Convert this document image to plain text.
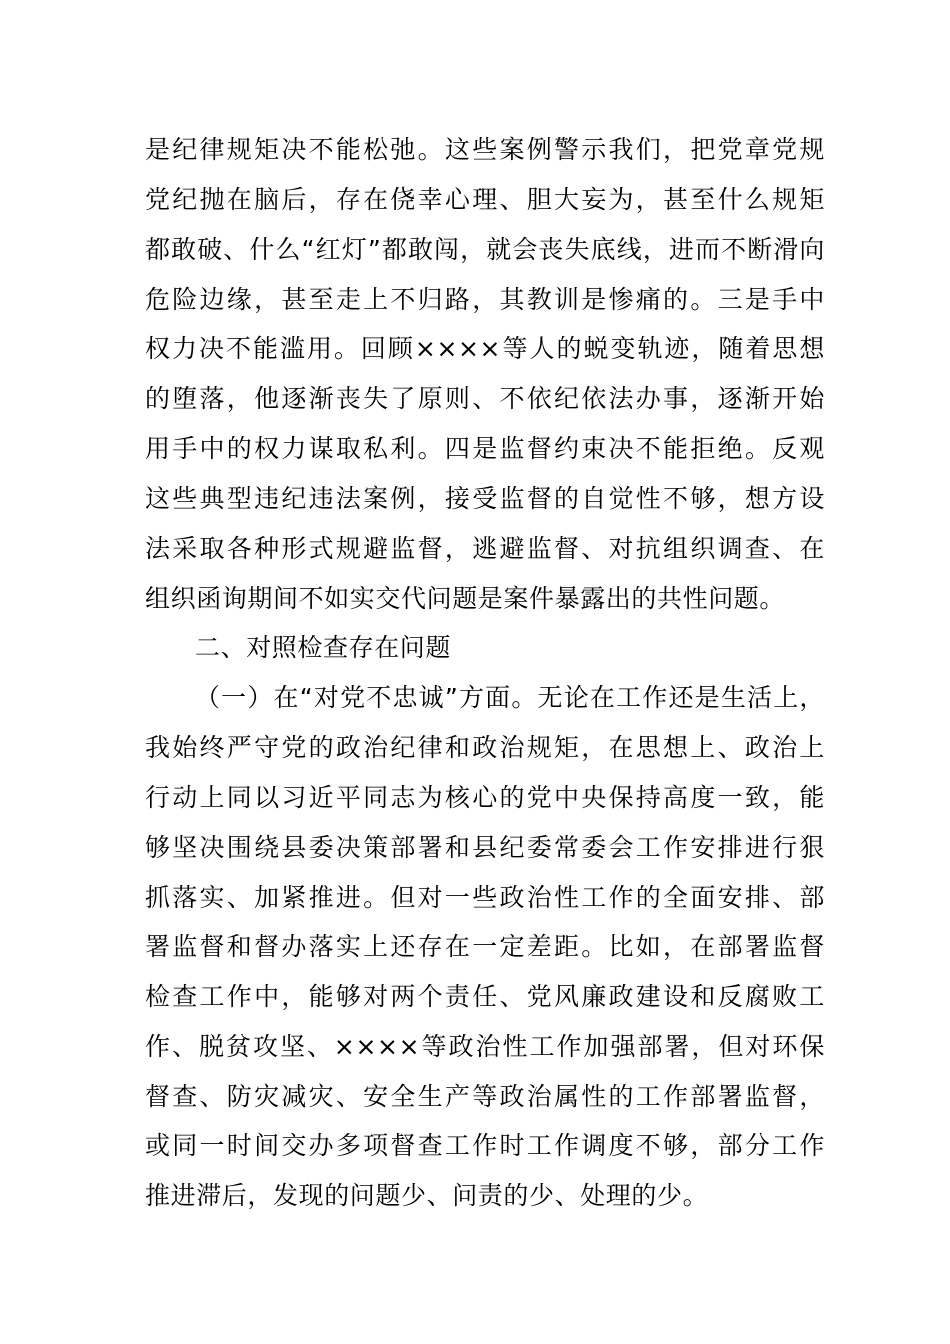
是纪律规矩决不能松弛。这些案例警示我们，把党章党规
党纪抛在脑后，存在侥幸心理、胆大妄为，甚至什么规矩
都敢破、什么“红灯”都敢闯，就会丧失底线，进而不断滑向
危险边缘，甚至走上不归路，其教训是惨痛的。三是手中
权力决不能滥用。回顾××××等人的蜕变轨迹，随着思想
的堕落，他逐渐丧失了原则、不依纪依法办事，逐渐开始
用手中的权力谋取私利。四是监督约束决不能拒绝。反观
这些典型违纪违法案例，接受监督的自觉性不够，想方设
法采取各种形式规避监督，逃避监督、对抗组织调查、在
组织函询期间不如实交代问题是案件暴露出的共性问题。
二、对照检查存在问题
（一）在“对党不忠诚”方面。无论在工作还是生活上，
我始终严守党的政治纪律和政治规矩，在思想上、政治上
行动上同以习近平同志为核心的党中央保持高度一致，能
够坚决围绕县委决策部署和县纪委常委会工作安排进行狠
抓落实、加紧推进。但对一些政治性工作的全面安排、部
署监督和督办落实上还存在一定差距。比如，在部署监督
检查工作中，能够对两个责任、党风廉政建设和反腐败工
作、脱贫攻坚、××××等政治性工作加强部署，但对环保
督查、防灾减灾、安全生产等政治属性的工作部署监督，
或同一时间交办多项督查工作时工作调度不够，部分工作
推进滞后，发现的问题少、问责的少、处理的少。
